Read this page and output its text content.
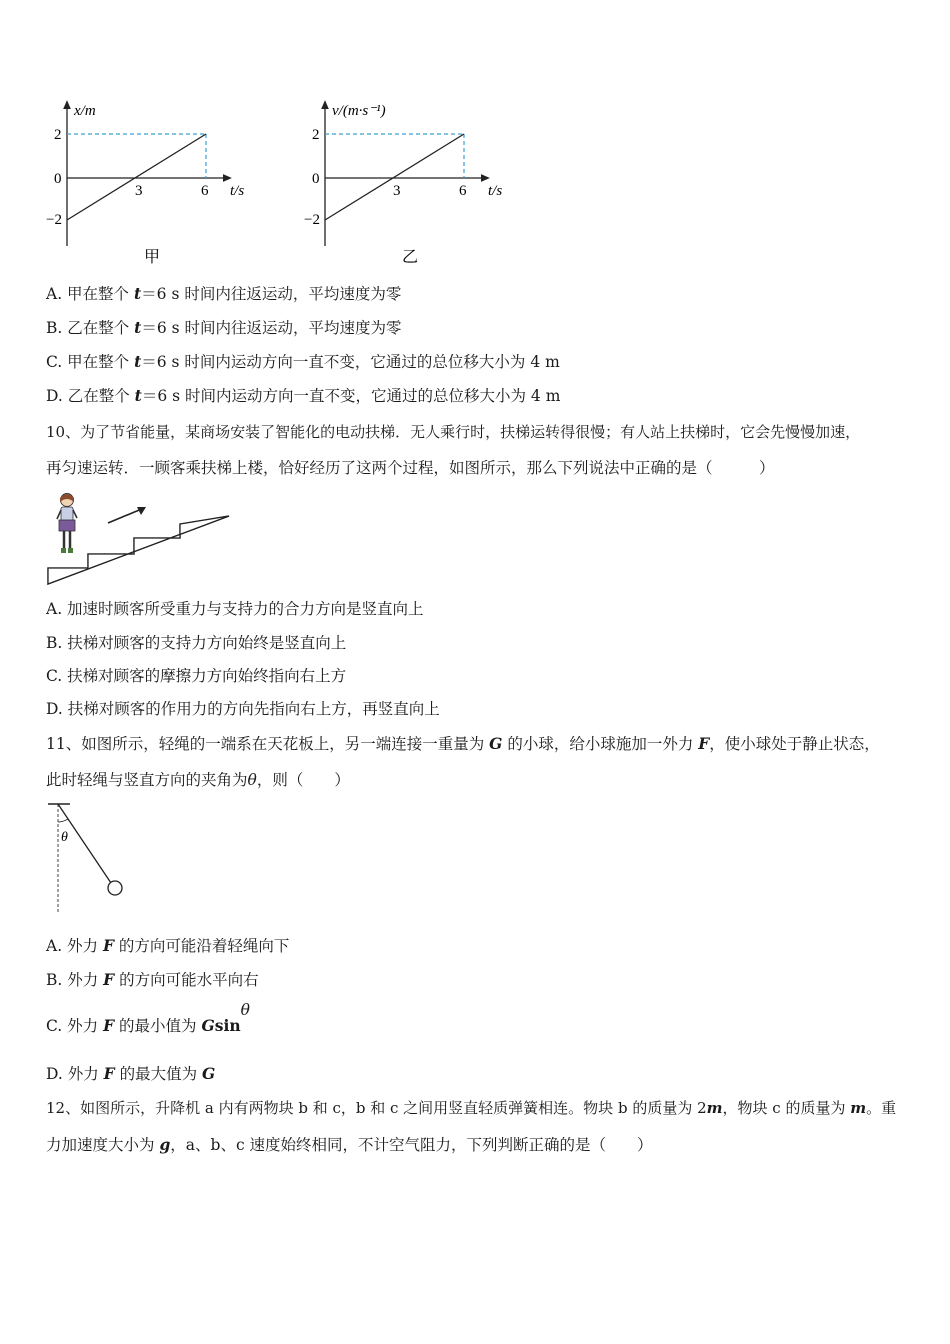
x/m
2
0
−2
3	6 t/s
甲
v/(m·s⁻¹)
2
0
−2
3	6 t/s
乙
A. 甲在整个 t＝6 s 时间内往返运动，平均速度为零
B. 乙在整个 t＝6 s 时间内往返运动，平均速度为零
C. 甲在整个 t＝6 s 时间内运动方向一直不变，它通过的总位移大小为 4 m
D. 乙在整个 t＝6 s 时间内运动方向一直不变，它通过的总位移大小为 4 m
10、为了节省能量，某商场安装了智能化的电动扶梯．无人乘行时，扶梯运转得很慢；有人站上扶梯时，它会先慢慢加速，
再匀速运转．一顾客乘扶梯上楼，恰好经历了这两个过程，如图所示，那么下列说法中正确的是（　　　）
A. 加速时顾客所受重力与支持力的合力方向是竖直向上
B. 扶梯对顾客的支持力方向始终是竖直向上
C. 扶梯对顾客的摩擦力方向始终指向右上方
D. 扶梯对顾客的作用力的方向先指向右上方，再竖直向上
11、如图所示，轻绳的一端系在天花板上，另一端连接一重量为 G 的小球，给小球施加一外力 F，使小球处于静止状态，
此时轻绳与竖直方向的夹角为θ，则（　　）
θ
A. 外力 F 的方向可能沿着轻绳向下
B. 外力 F 的方向可能水平向右
C. 外力 F 的最小值为 Gsinθ
D. 外力 F 的最大值为 G
12、如图所示，升降机 a 内有两物块 b 和 c，b 和 c 之间用竖直轻质弹簧相连。物块 b 的质量为 2m，物块 c 的质量为 m。重
力加速度大小为 g，a、b、c 速度始终相同，不计空气阻力，下列判断正确的是（　　）
